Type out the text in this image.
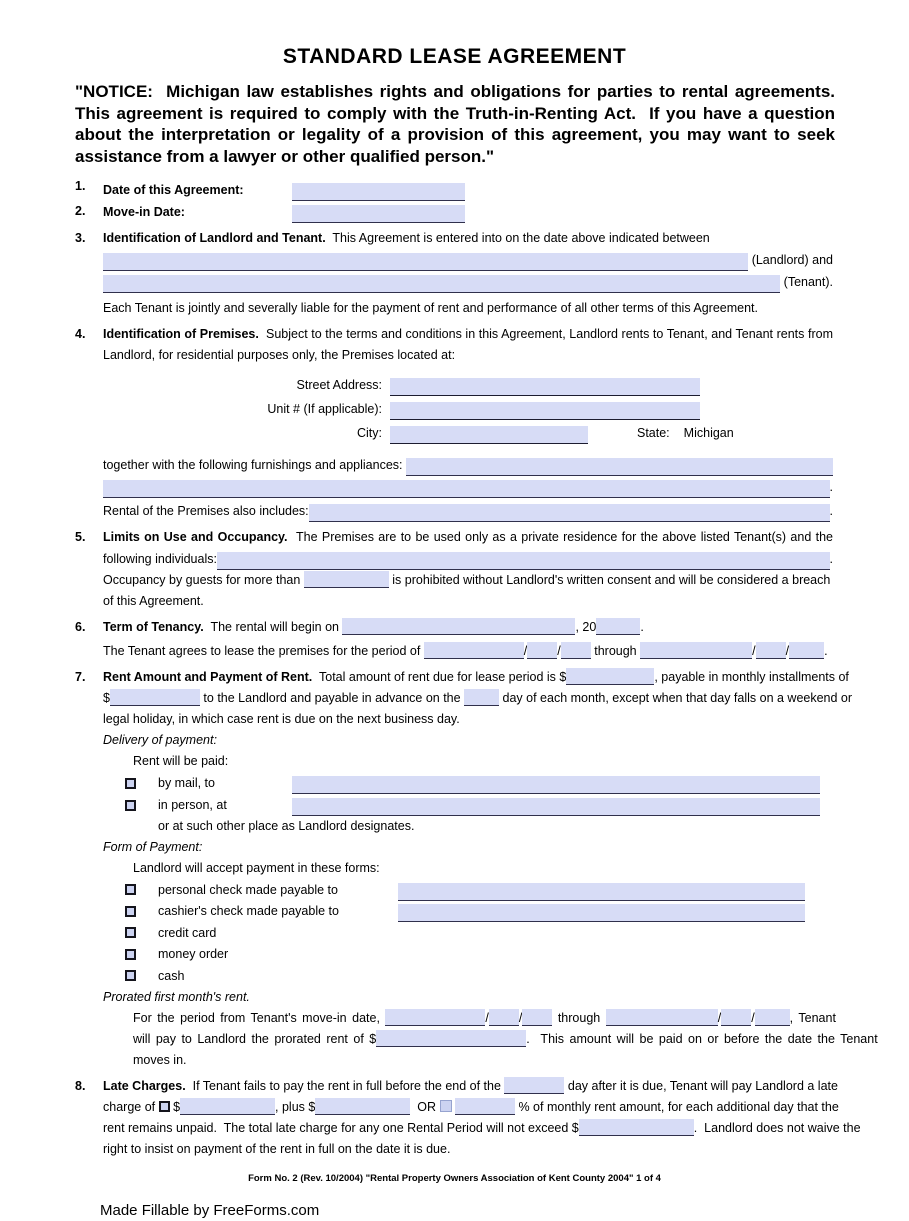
STANDARD LEASE AGREEMENT
"NOTICE:  Michigan law establishes rights and obligations for parties to rental agreements.  This agreement is required to comply with the Truth-in-Renting Act.  If you have a question about the interpretation or legality of a provision of this agreement, you may want to seek assistance from a lawyer or other qualified person."
1.	Date of this Agreement:
2.	Move-in Date:
3.	Identification of Landlord and Tenant.  This Agreement is entered into on the date above indicated between
(Landlord) and
(Tenant).
Each Tenant is jointly and severally liable for the payment of rent and performance of all other terms of this Agreement.
4.	Identification of Premises.  Subject to the terms and conditions in this Agreement, Landlord rents to Tenant, and Tenant rents from
Landlord, for residential purposes only, the Premises located at:
Street Address:
Unit # (If applicable):
City:	State: Michigan
together with the following furnishings and appliances:
.
Rental of the Premises also includes:	.
5.	Limits on Use and Occupancy.  The Premises are to be used only as a private residence for the above listed Tenant(s) and the
following individuals:	.
Occupancy by guests for more than	is prohibited without Landlord's written consent and will be considered a breach
of this Agreement.
6.	Term of Tenancy.  The rental will begin on	, 20	.
The Tenant agrees to lease the premises for the period of	/ / through	/ /	.
7.	Rent Amount and Payment of Rent.  Total amount of rent due for lease period is $	, payable in monthly installments of
$	to the Landlord and payable in advance on the	day of each month, except when that day falls on a weekend or
legal holiday, in which case rent is due on the next business day.
Delivery of payment:
Rent will be paid:
by mail, to
in person, at
or at such other place as Landlord designates.
Form of Payment:
Landlord will accept payment in these forms:
personal check made payable to
cashier's check made payable to
credit card
money order
cash
Prorated first month's rent.
For the period from Tenant's move-in date,	/ / through	/ /	, Tenant
will pay to Landlord the prorated rent of $	.  This amount will be paid on or before the date the Tenant
moves in.
8.	Late Charges.  If Tenant fails to pay the rent in full before the end of the	day after it is due, Tenant will pay Landlord a late
charge of  $	, plus $	OR	% of monthly rent amount, for each additional day that the
rent remains unpaid.  The total late charge for any one Rental Period will not exceed $	.  Landlord does not waive the
right to insist on payment of the rent in full on the date it is due.
Form No. 2 (Rev. 10/2004) "Rental Property Owners Association of Kent County 2004" 1 of 4
Made Fillable by FreeForms.com
